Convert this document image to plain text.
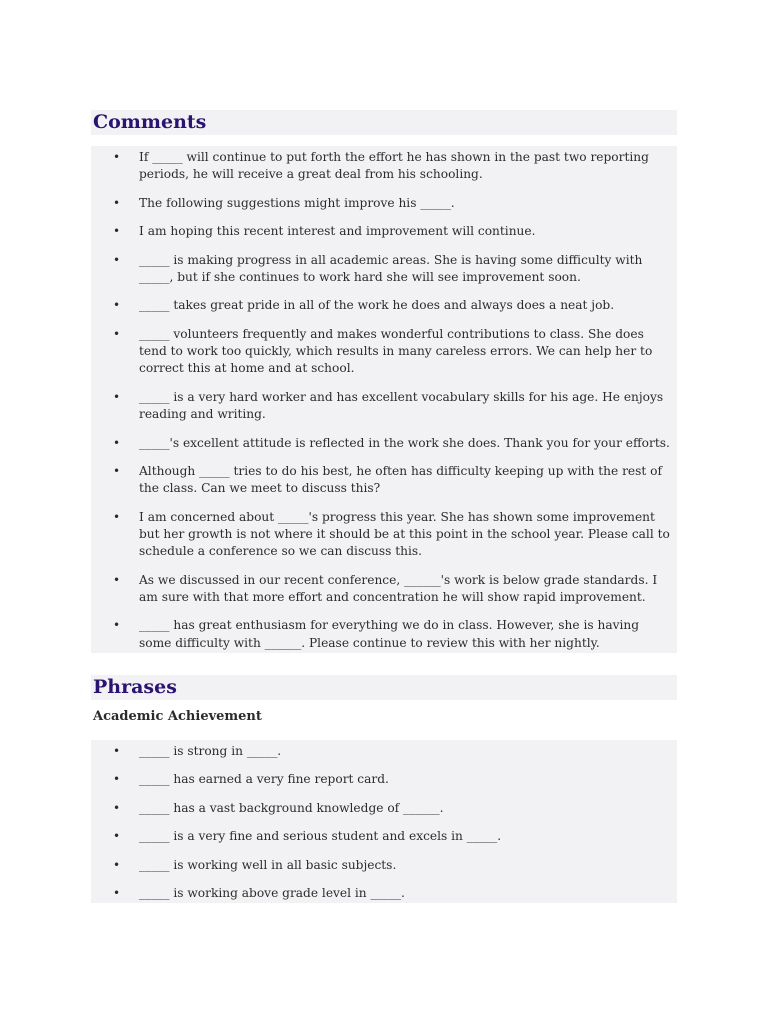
Comments
• If _____ will continue to put forth the effort he has shown in the past two reporting periods, he will receive a great deal from his schooling.
• The following suggestions might improve his _____.
• I am hoping this recent interest and improvement will continue.
• _____ is making progress in all academic areas. She is having some difficulty with _____, but if she continues to work hard she will see improvement soon.
• _____ takes great pride in all of the work he does and always does a neat job.
• _____ volunteers frequently and makes wonderful contributions to class. She does tend to work too quickly, which results in many careless errors. We can help her to correct this at home and at school.
• _____ is a very hard worker and has excellent vocabulary skills for his age. He enjoys reading and writing.
• _____'s excellent attitude is reflected in the work she does. Thank you for your efforts.
• Although _____ tries to do his best, he often has difficulty keeping up with the rest of the class. Can we meet to discuss this?
• I am concerned about _____'s progress this year. She has shown some improvement but her growth is not where it should be at this point in the school year. Please call to schedule a conference so we can discuss this.
• As we discussed in our recent conference, ______'s work is below grade standards. I am sure with that more effort and concentration he will show rapid improvement.
• _____ has great enthusiasm for everything we do in class. However, she is having some difficulty with ______. Please continue to review this with her nightly.
Phrases
Academic Achievement
• _____ is strong in _____.
• _____ has earned a very fine report card.
• _____ has a vast background knowledge of ______.
• _____ is a very fine and serious student and excels in _____.
• _____ is working well in all basic subjects.
• _____ is working above grade level in _____.
